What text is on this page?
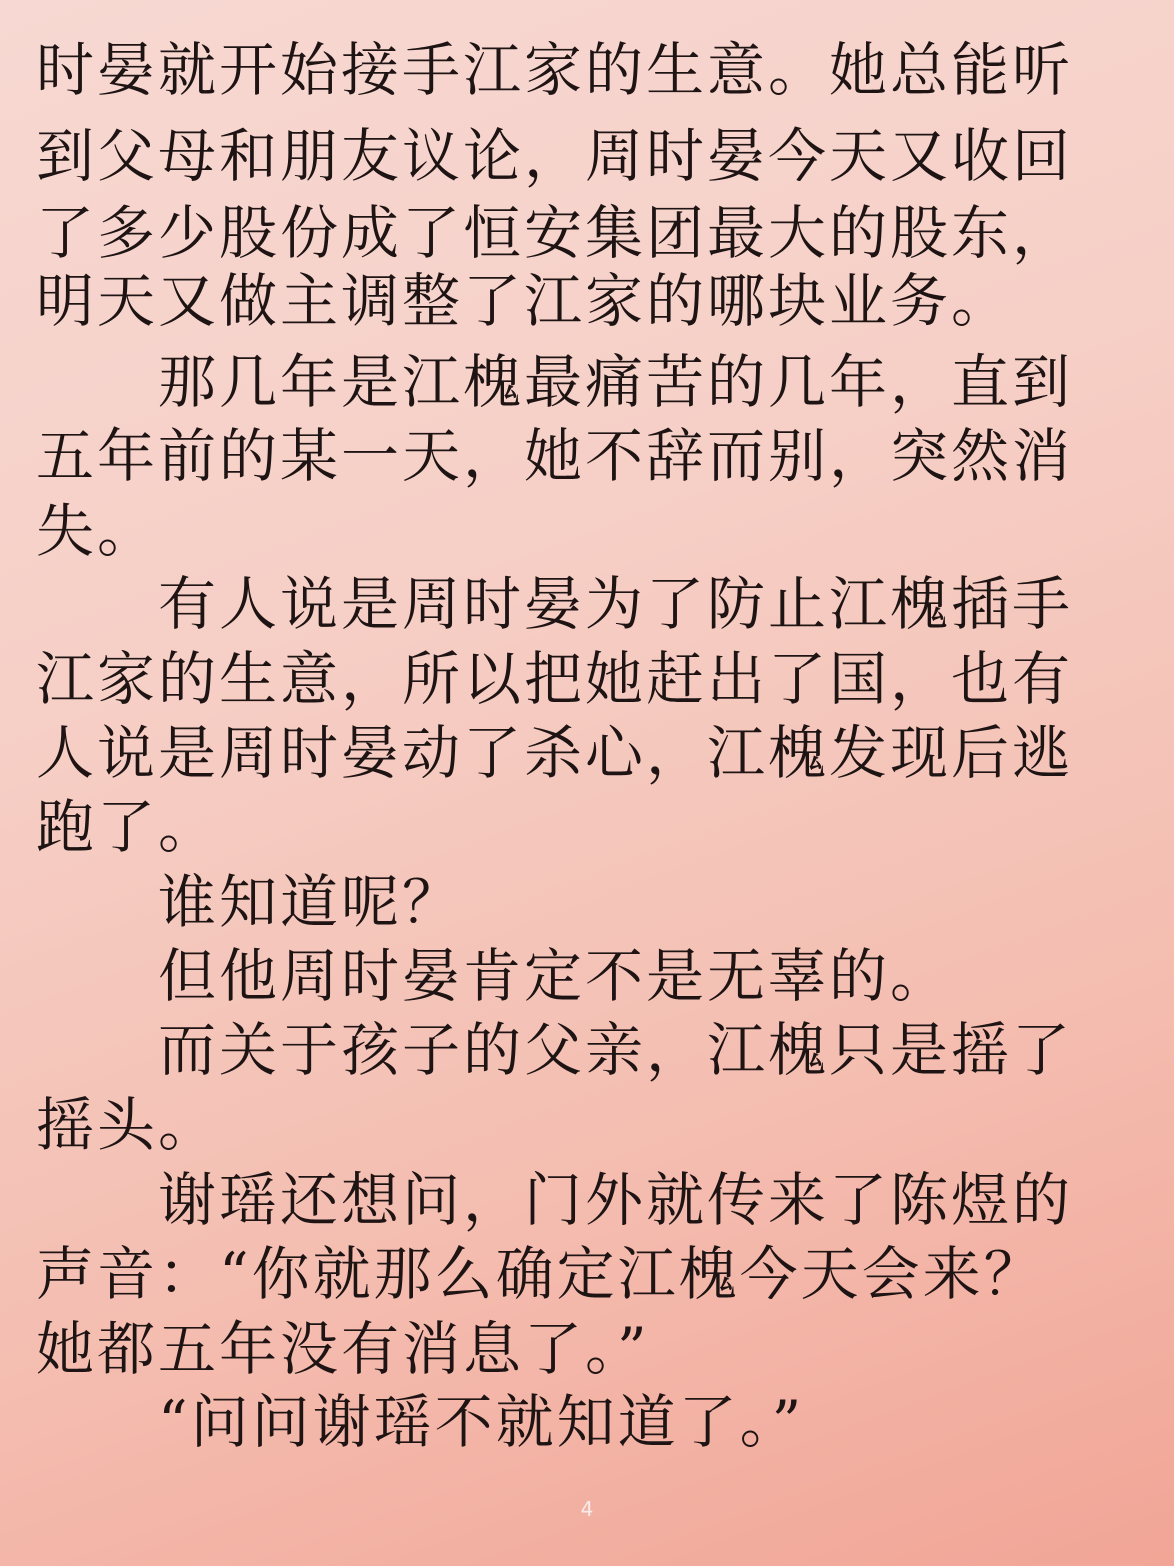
时晏就开始接手江家的生意。她总能听
到父母和朋友议论，周时晏今天又收回
了多少股份成了恒安集团最大的股东，
明天又做主调整了江家的哪块业务。
　　那几年是江槐最痛苦的几年，直到
五年前的某一天，她不辞而别，突然消
失。
　　有人说是周时晏为了防止江槐插手
江家的生意，所以把她赶出了国，也有
人说是周时晏动了杀心，江槐发现后逃
跑了。
　　谁知道呢？
　　但他周时晏肯定不是无辜的。
　　而关于孩子的父亲，江槐只是摇了
摇头。
　　谢瑶还想问，门外就传来了陈煜的
声音：“你就那么确定江槐今天会来？
她都五年没有消息了。”
　　“问问谢瑶不就知道了。”
4
